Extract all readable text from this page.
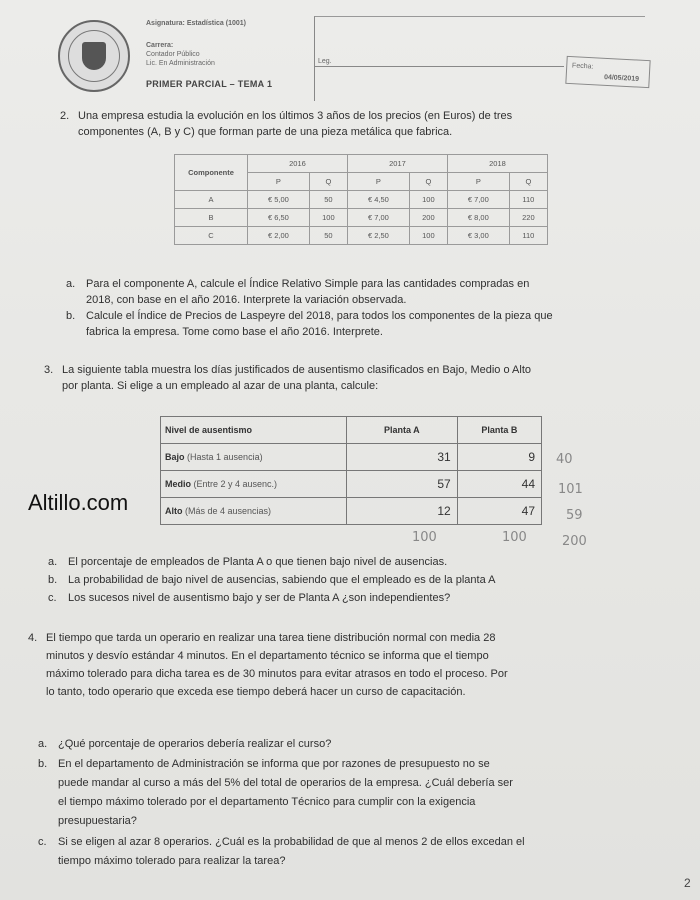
Asignatura: Estadística (1001)
Carrera:
Contador Público
Lic. En Administración
PRIMER PARCIAL – TEMA 1
Leg.
Fecha:
04/05/2019
2. Una empresa estudia la evolución en los últimos 3 años de los precios (en Euros) de tres
componentes (A, B y C) que forman parte de una pieza metálica que fabrica.
Componente	2016		2017		2018	
	P	Q	P	Q	P	Q
A	€ 5,00	50	€ 4,50	100	€ 7,00	110
B	€ 6,50	100	€ 7,00	200	€ 8,00	220
C	€ 2,00	50	€ 2,50	100	€ 3,00	110
a. Para el componente A, calcule el Índice Relativo Simple para las cantidades compradas en
2018, con base en el año 2016. Interprete la variación observada.
b. Calcule el Índice de Precios de Laspeyre del 2018, para todos los componentes de la pieza que
fabrica la empresa. Tome como base el año 2016. Interprete.
3. La siguiente tabla muestra los días justificados de ausentismo clasificados en Bajo, Medio o Alto
por planta. Si elige a un empleado al azar de una planta, calcule:
Nivel de ausentismo	Planta A	Planta B
Bajo (Hasta 1 ausencia)	31	9
Medio (Entre 2 y 4 ausenc.)	57	44
Alto (Más de 4 ausencias)	12	47
40
101
59
100	100	200
Altillo.com
a. El porcentaje de empleados de Planta A o que tienen bajo nivel de ausencias.
b. La probabilidad de bajo nivel de ausencias, sabiendo que el empleado es de la planta A
c. Los sucesos nivel de ausentismo bajo y ser de Planta A ¿son independientes?
4. El tiempo que tarda un operario en realizar una tarea tiene distribución normal con media 28
minutos y desvío estándar 4 minutos. En el departamento técnico se informa que el tiempo
máximo tolerado para dicha tarea es de 30 minutos para evitar atrasos en todo el proceso. Por
lo tanto, todo operario que exceda ese tiempo deberá hacer un curso de capacitación.
a. ¿Qué porcentaje de operarios debería realizar el curso?
b. En el departamento de Administración se informa que por razones de presupuesto no se
puede mandar al curso a más del 5% del total de operarios de la empresa. ¿Cuál debería ser
el tiempo máximo tolerado por el departamento Técnico para cumplir con la exigencia
presupuestaria?
c. Si se eligen al azar 8 operarios. ¿Cuál es la probabilidad de que al menos 2 de ellos excedan el
tiempo máximo tolerado para realizar la tarea?
2
